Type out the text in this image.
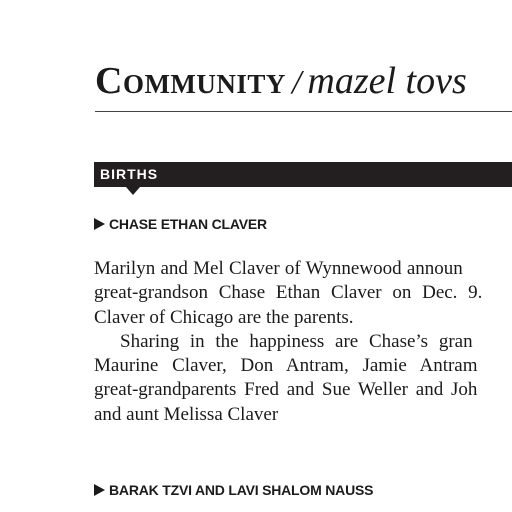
Community / mazel tovs
BIRTHS
CHASE ETHAN CLAVER
Marilyn and Mel Claver of Wynnewood announ
great-grandson Chase Ethan Claver on Dec. 9.
Claver of Chicago are the parents.
Sharing in the happiness are Chase’s gran
Maurine Claver, Don Antram, Jamie Antram
great-grandparents Fred and Sue Weller and Joh
and aunt Melissa Claver
BARAK TZVI AND LAVI SHALOM NAUSS
